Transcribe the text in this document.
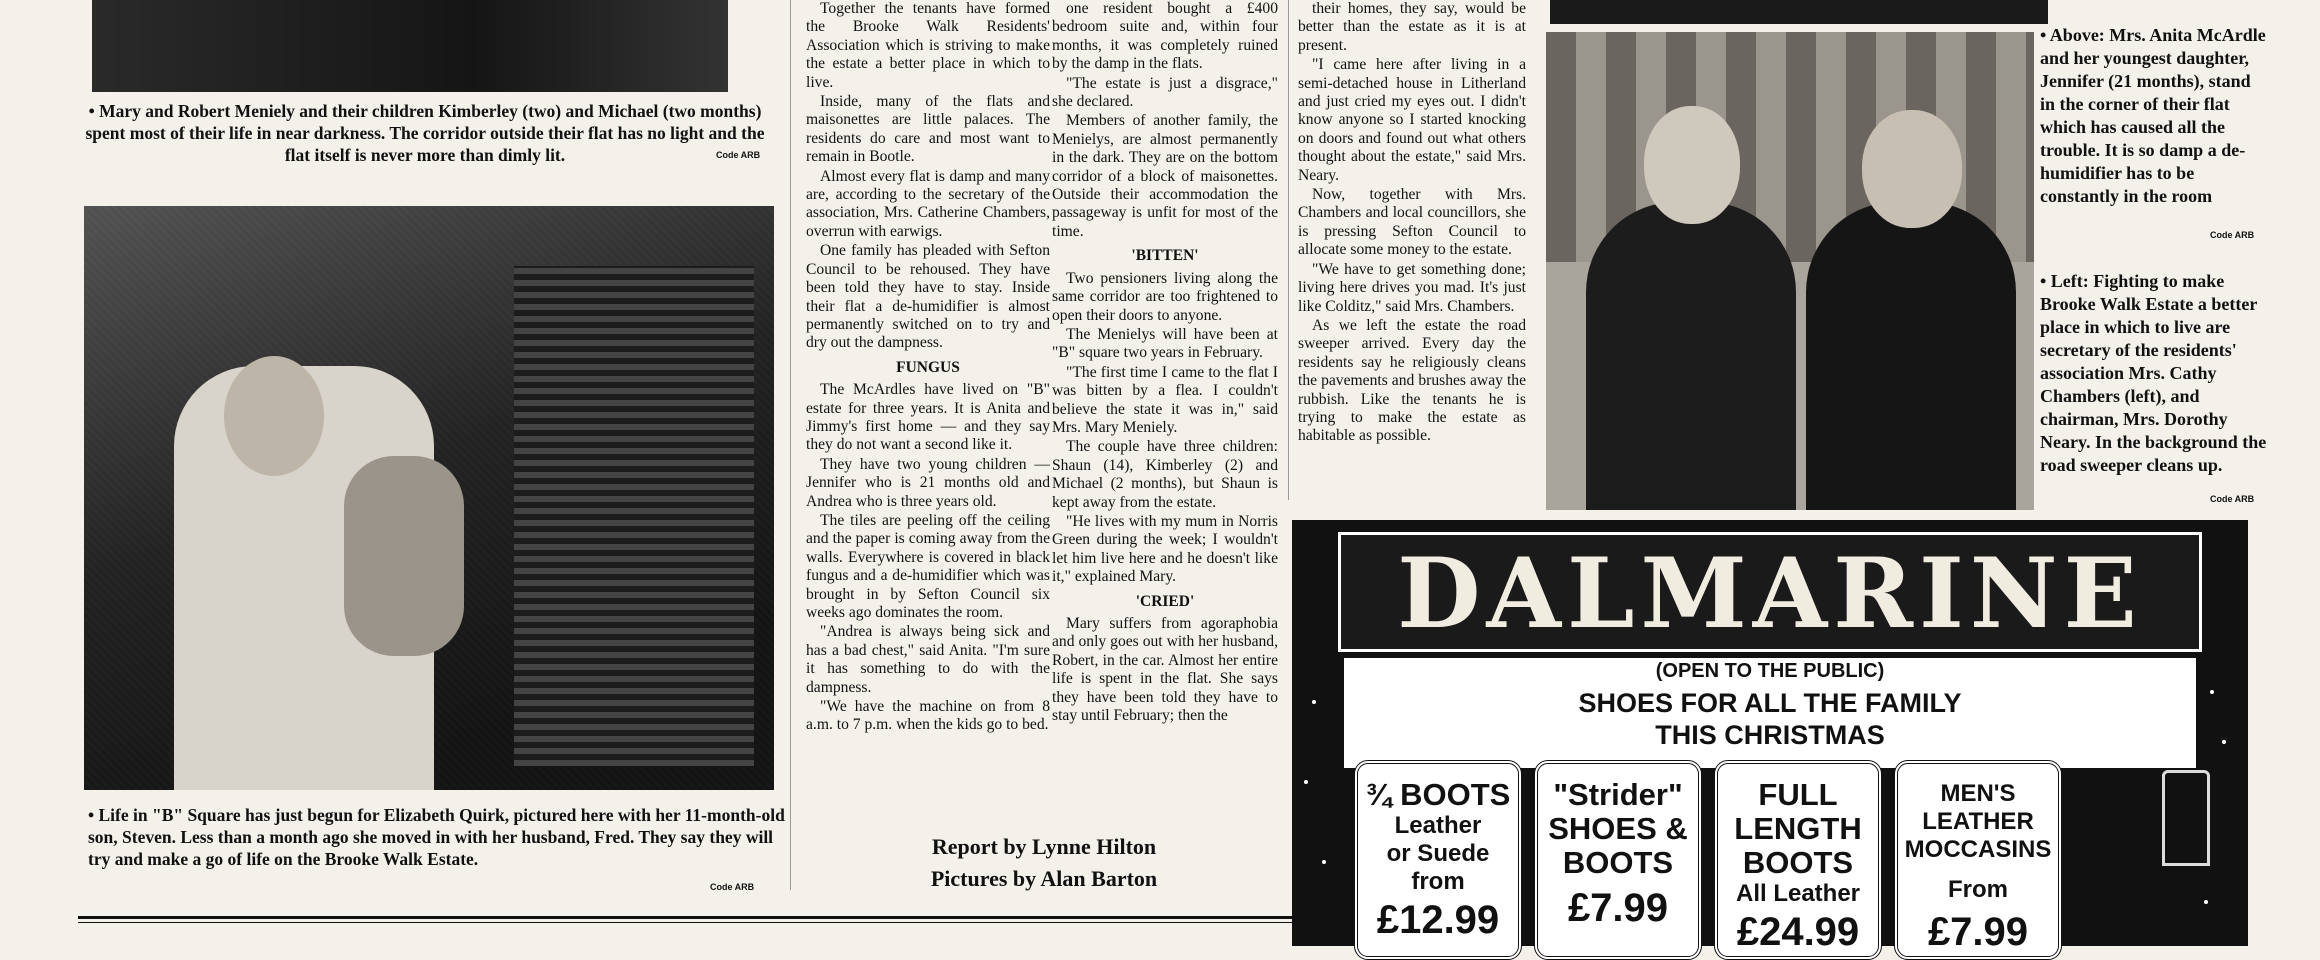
• Mary and Robert Meniely and their children Kimberley (two) and Michael (two months) spent most of their life in near darkness. The corridor outside their flat has no light and the flat itself is never more than dimly lit.	Code ARB
• Life in "B" Square has just begun for Elizabeth Quirk, pictured here with her 11-month-old son, Steven. Less than a month ago she moved in with her husband, Fred. They say they will try and make a go of life on the Brooke Walk Estate.
Code ARB

Together the tenants have formed the Brooke Walk Residents' Association which is striving to make the estate a better place in which to live.

Inside, many of the flats and maisonettes are little palaces. The residents do care and most want to remain in Bootle.

Almost every flat is damp and many are, according to the secretary of the association, Mrs. Catherine Chambers, overrun with earwigs.

One family has pleaded with Sefton Council to be rehoused. They have been told they have to stay. Inside their flat a de-humidifier is almost permanently switched on to try and dry out the dampness.

FUNGUS

The McArdles have lived on "B" estate for three years. It is Anita and Jimmy's first home — and they say they do not want a second like it.

They have two young children — Jennifer who is 21 months old and Andrea who is three years old.

The tiles are peeling off the ceiling and the paper is coming away from the walls. Everywhere is covered in black fungus and a de-humidifier which was brought in by Sefton Council six weeks ago dominates the room.

"Andrea is always being sick and has a bad chest," said Anita. "I'm sure it has something to do with the dampness.

"We have the machine on from 8 a.m. to 7 p.m. when the kids go to bed.

one resident bought a £400 bedroom suite and, within four months, it was completely ruined by the damp in the flats.

"The estate is just a disgrace," she declared.

Members of another family, the Menielys, are almost permanently in the dark. They are on the bottom corridor of a block of maisonettes. Outside their accommodation the passageway is unfit for most of the time.

'BITTEN'

Two pensioners living along the same corridor are too frightened to open their doors to anyone.

The Menielys will have been at "B" square two years in February.

"The first time I came to the flat I was bitten by a flea. I couldn't believe the state it was in," said Mrs. Mary Meniely.

The couple have three children: Shaun (14), Kimberley (2) and Michael (2 months), but Shaun is kept away from the estate.

"He lives with my mum in Norris Green during the week; I wouldn't let him live here and he doesn't like it," explained Mary.

'CRIED'

Mary suffers from agoraphobia and only goes out with her husband, Robert, in the car. Almost her entire life is spent in the flat. She says they have been told they have to stay until February; then the

Report by Lynne Hilton
Pictures by Alan Barton

their homes, they say, would be better than the estate as it is at present.

"I came here after living in a semi-detached house in Litherland and just cried my eyes out. I didn't know anyone so I started knocking on doors and found out what others thought about the estate," said Mrs. Neary.

Now, together with Mrs. Chambers and local councillors, she is pressing Sefton Council to allocate some money to the estate.

"We have to get something done; living here drives you mad. It's just like Colditz," said Mrs. Chambers.

As we left the estate the road sweeper arrived. Every day the residents say he religiously cleans the pavements and brushes away the rubbish. Like the tenants he is trying to make the estate as habitable as possible.

• Above: Mrs. Anita McArdle and her youngest daughter, Jennifer (21 months), stand in the corner of their flat which has caused all the trouble. It is so damp a de-humidifier has to be constantly in the room
Code ARB
• Left: Fighting to make Brooke Walk Estate a better place in which to live are secretary of the residents' association Mrs. Cathy Chambers (left), and chairman, Mrs. Dorothy Neary. In the background the road sweeper cleans up.
Code ARB
DALMARINE
(OPEN TO THE PUBLIC)
SHOES FOR ALL THE FAMILY
THIS CHRISTMAS
¾ BOOTS
Leather
or Suede
from
£12.99
"Strider"
SHOES &
BOOTS
£7.99
FULL
LENGTH
BOOTS
All Leather
£24.99
MEN'S
LEATHER
MOCCASINS
From
£7.99
